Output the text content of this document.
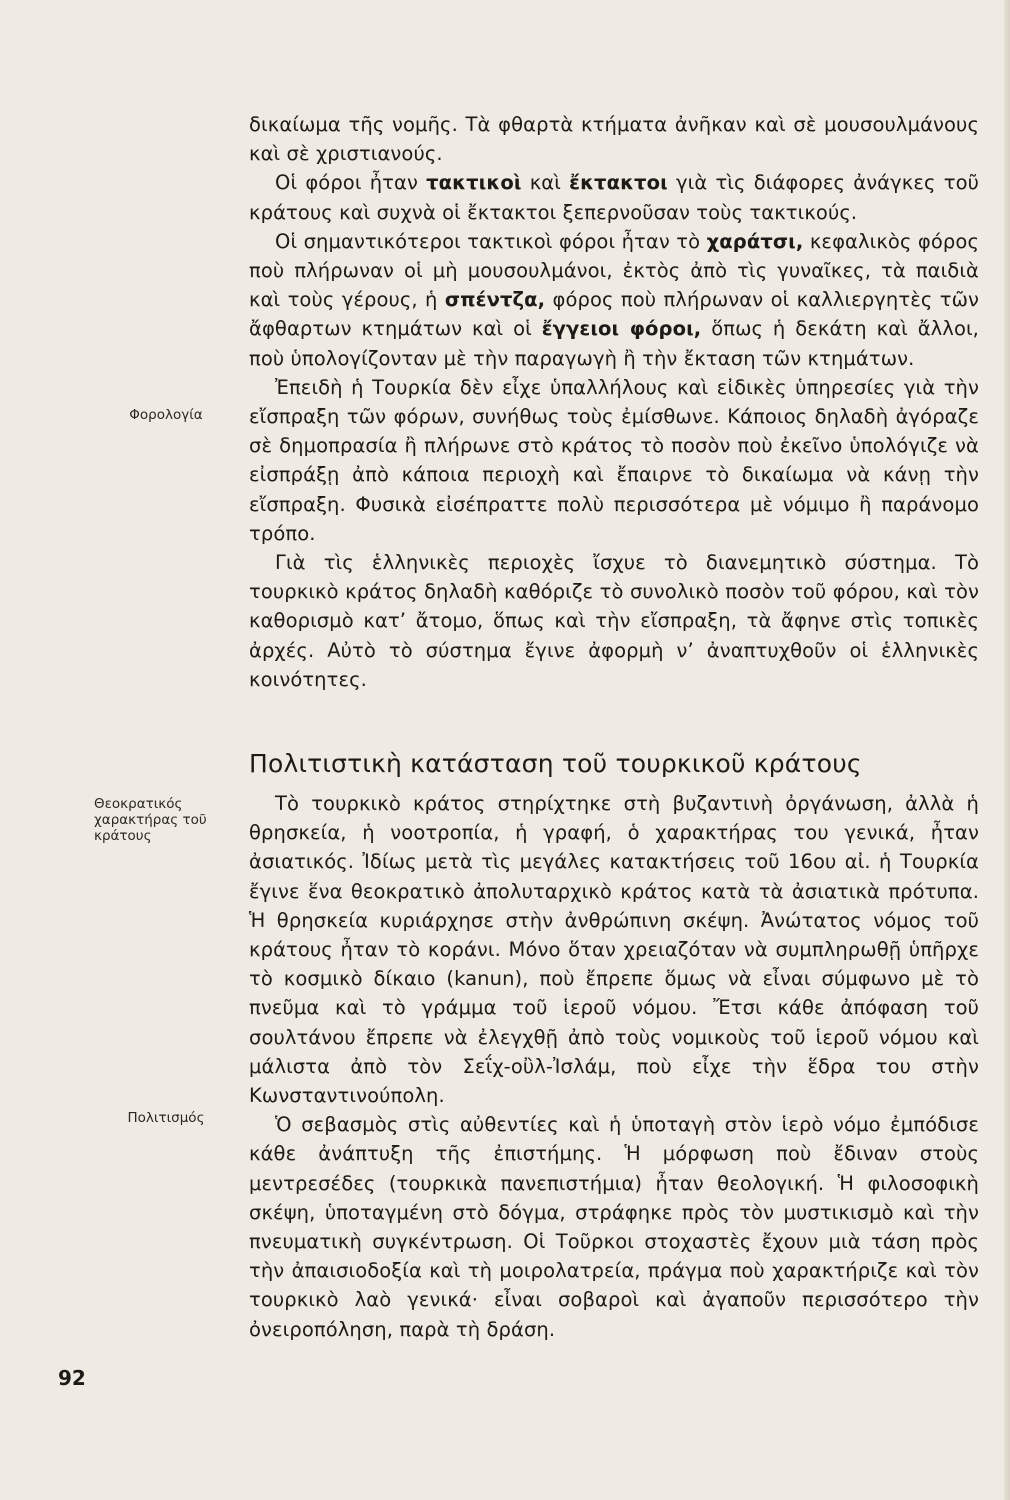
δικαίωμα τῆς νομῆς. Τὰ φθαρτὰ κτήματα ἀνῆκαν καὶ σὲ μουσουλμάνους καὶ σὲ χριστιανούς.

Οἱ φόροι ἦταν τακτικοὶ καὶ ἔκτακτοι γιὰ τὶς διάφορες ἀνάγκες τοῦ κράτους καὶ συχνὰ οἱ ἔκτακτοι ξεπερνοῦσαν τοὺς τακτικούς.

Οἱ σημαντικότεροι τακτικοὶ φόροι ἦταν τὸ χαράτσι, κεφαλικὸς φόρος ποὺ πλήρωναν οἱ μὴ μουσουλμάνοι, ἐκτὸς ἀπὸ τὶς γυναῖκες, τὰ παιδιὰ καὶ τοὺς γέρους, ἡ σπέντζα, φόρος ποὺ πλήρωναν οἱ καλλιεργητὲς τῶν ἄφθαρτων κτημάτων καὶ οἱ ἔγγειοι φόροι, ὅπως ἡ δεκάτη καὶ ἄλλοι, ποὺ ὑπολογίζονταν μὲ τὴν παραγωγὴ ἢ τὴν ἔκταση τῶν κτημάτων.

Ἐπειδὴ ἡ Τουρκία δὲν εἶχε ὑπαλλήλους καὶ εἰδικὲς ὑπηρεσίες γιὰ τὴν εἴσπραξη τῶν φόρων, συνήθως τοὺς ἐμίσθωνε. Κάποιος δηλαδὴ ἀγόραζε σὲ δημοπρασία ἢ πλήρωνε στὸ κράτος τὸ ποσὸν ποὺ ἐκεῖνο ὑπολόγιζε νὰ εἰσπράξῃ ἀπὸ κάποια περιοχὴ καὶ ἔπαιρνε τὸ δικαίωμα νὰ κάνῃ τὴν εἴσπραξη. Φυσικὰ εἰσέπραττε πολὺ περισσότερα μὲ νόμιμο ἢ παράνομο τρόπο.

Γιὰ τὶς ἑλληνικὲς περιοχὲς ἴσχυε τὸ διανεμητικὸ σύστημα. Τὸ τουρκικὸ κράτος δηλαδὴ καθόριζε τὸ συνολικὸ ποσὸν τοῦ φόρου, καὶ τὸν καθορισμὸ κατ’ ἄτομο, ὅπως καὶ τὴν εἴσπραξη, τὰ ἄφηνε στὶς τοπικὲς ἀρχές. Αὐτὸ τὸ σύστημα ἔγινε ἀφορμὴ ν’ ἀναπτυχθοῦν οἱ ἑλληνικὲς κοινότητες.

Φορολογία
Πολιτιστικὴ κατάσταση τοῦ τουρκικοῦ κράτους
Θεοκρατικός
χαρακτήρας τοῦ
κράτους

Τὸ τουρκικὸ κράτος στηρίχτηκε στὴ βυζαντινὴ ὀργάνωση, ἀλλὰ ἡ θρησκεία, ἡ νοοτροπία, ἡ γραφή, ὁ χαρακτήρας του γενικά, ἦταν ἀσιατικός. Ἰδίως μετὰ τὶς μεγάλες κατακτήσεις τοῦ 16ου αἰ. ἡ Τουρκία ἔγινε ἕνα θεοκρατικὸ ἀπολυταρχικὸ κράτος κατὰ τὰ ἀσιατικὰ πρότυπα. Ἡ θρησκεία κυριάρχησε στὴν ἀνθρώπινη σκέψη. Ἀνώτατος νόμος τοῦ κράτους ἦταν τὸ κοράνι. Μόνο ὅταν χρειαζόταν νὰ συμπληρωθῇ ὑπῆρχε τὸ κοσμικὸ δίκαιο (kanun), ποὺ ἔπρεπε ὅμως νὰ εἶναι σύμφωνο μὲ τὸ πνεῦμα καὶ τὸ γράμμα τοῦ ἱεροῦ νόμου. Ἔτσι κάθε ἀπόφαση τοῦ σουλτάνου ἔπρεπε νὰ ἐλεγχθῇ ἀπὸ τοὺς νομικοὺς τοῦ ἱεροῦ νόμου καὶ μάλιστα ἀπὸ τὸν Σεΐχ-οὒλ-Ἰσλάμ, ποὺ εἶχε τὴν ἕδρα του στὴν Κωνσταντινούπολη.

Ὁ σεβασμὸς στὶς αὐθεντίες καὶ ἡ ὑποταγὴ στὸν ἱερὸ νόμο ἐμπόδισε κάθε ἀνάπτυξη τῆς ἐπιστήμης. Ἡ μόρφωση ποὺ ἔδιναν στοὺς μεντρεσέδες (τουρκικὰ πανεπιστήμια) ἦταν θεολογική. Ἡ φιλοσοφικὴ σκέψη, ὑποταγμένη στὸ δόγμα, στράφηκε πρὸς τὸν μυστικισμὸ καὶ τὴν πνευματικὴ συγκέντρωση. Οἱ Τοῦρκοι στοχαστὲς ἔχουν μιὰ τάση πρὸς τὴν ἀπαισιοδοξία καὶ τὴ μοιρολατρεία, πράγμα ποὺ χαρακτήριζε καὶ τὸν τουρκικὸ λαὸ γενικά· εἶναι σοβαροὶ καὶ ἀγαποῦν περισσότερο τὴν ὀνειροπόληση, παρὰ τὴ δράση.

Πολιτισμός
92
